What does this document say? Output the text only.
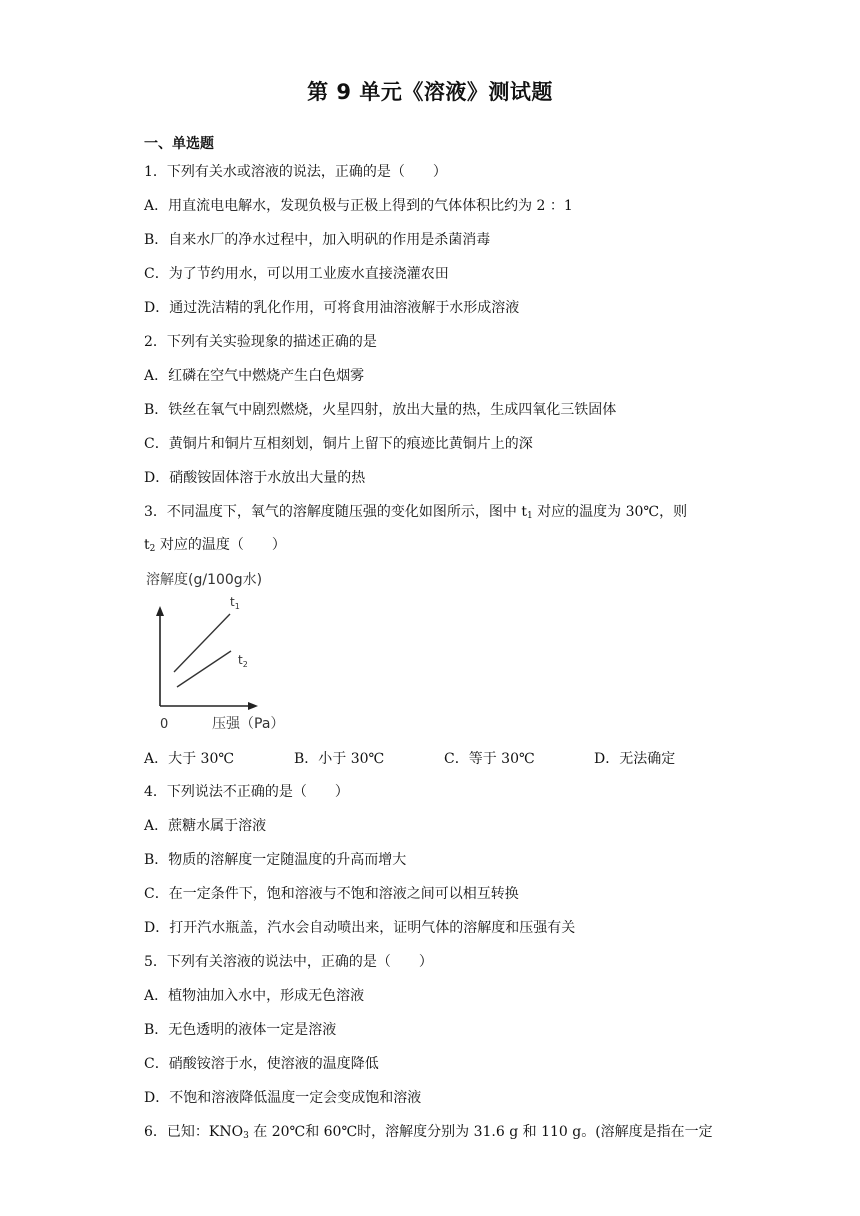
第 9 单元《溶液》测试题
一、单选题
1．下列有关水或溶液的说法，正确的是（　　）
A．用直流电电解水，发现负极与正极上得到的气体体积比约为 2 ：1
B．自来水厂的净水过程中，加入明矾的作用是杀菌消毒
C．为了节约用水，可以用工业废水直接浇灌农田
D．通过洗洁精的乳化作用，可将食用油溶液解于水形成溶液
2．下列有关实验现象的描述正确的是
A．红磷在空气中燃烧产生白色烟雾
B．铁丝在氧气中剧烈燃烧，火星四射，放出大量的热，生成四氧化三铁固体
C．黄铜片和铜片互相刻划，铜片上留下的痕迹比黄铜片上的深
D．硝酸铵固体溶于水放出大量的热
3．不同温度下，氧气的溶解度随压强的变化如图所示，图中 $t_1$ 对应的温度为 30℃，则
$t_2$ 对应的温度（　　）
溶解度(g/100g水)
$t_1$
$t_2$
0	压强（Pa）
A．大于 30℃	B．小于 30℃	C．等于 30℃	D．无法确定
4．下列说法不正确的是（　　）
A．蔗糖水属于溶液
B．物质的溶解度一定随温度的升高而增大
C．在一定条件下，饱和溶液与不饱和溶液之间可以相互转换
D．打开汽水瓶盖，汽水会自动喷出来，证明气体的溶解度和压强有关
5．下列有关溶液的说法中，正确的是（　　）
A．植物油加入水中，形成无色溶液
B．无色透明的液体一定是溶液
C．硝酸铵溶于水，使溶液的温度降低
D．不饱和溶液降低温度一定会变成饱和溶液
6．已知：$KNO_3$ 在 20℃和 60℃时，溶解度分别为 31.6 g 和 110 g。(溶解度是指在一定
